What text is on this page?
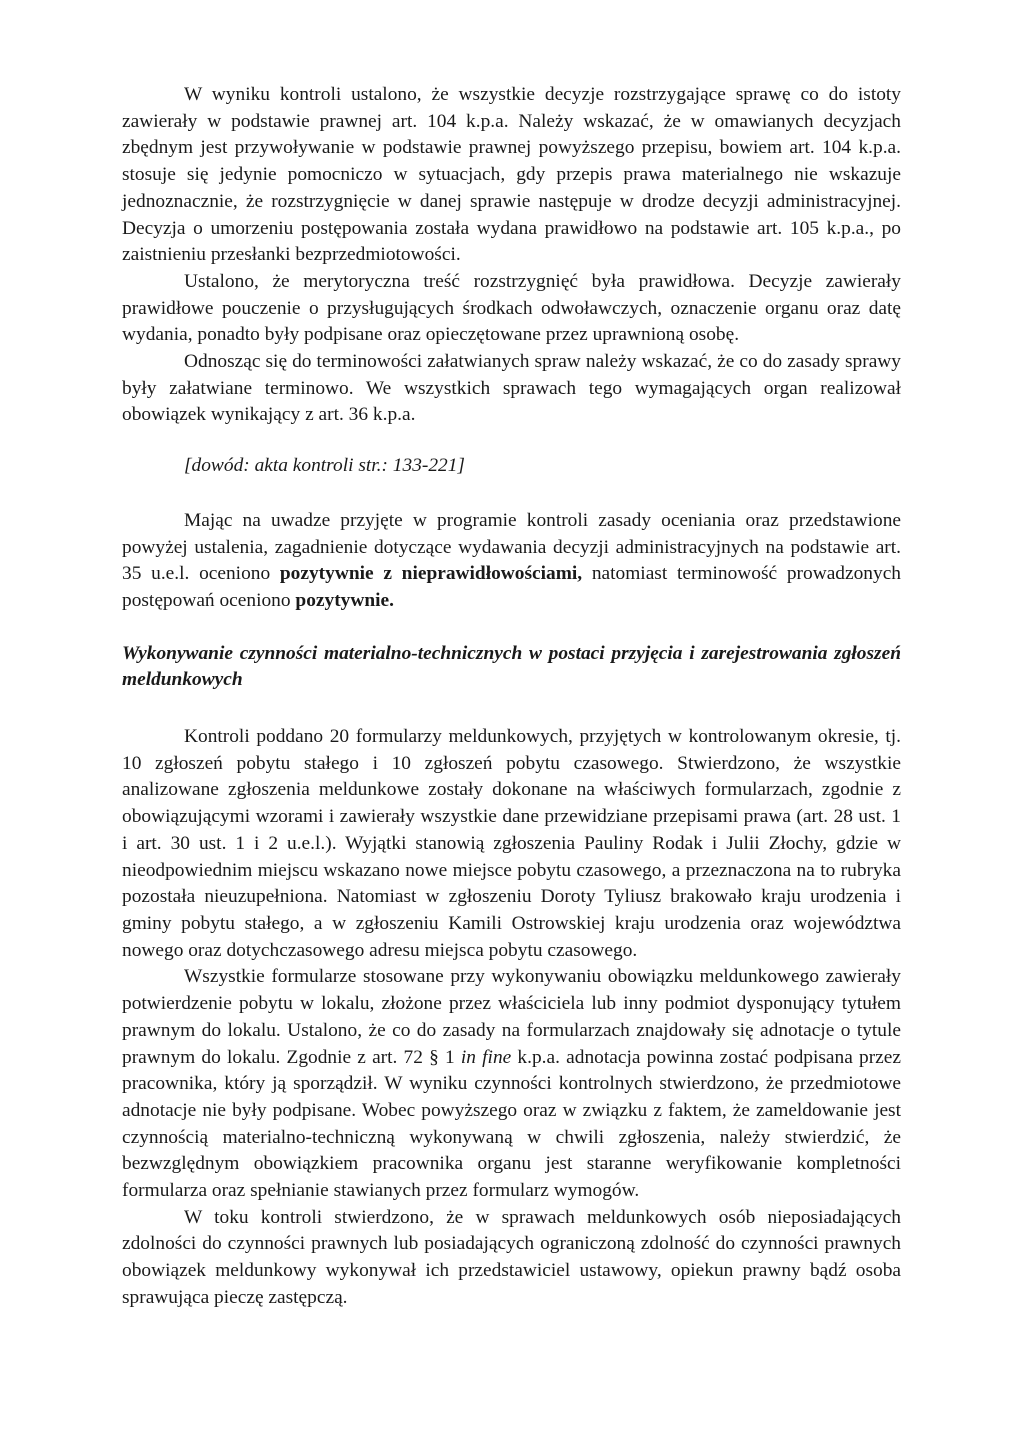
W wyniku kontroli ustalono, że wszystkie decyzje rozstrzygające sprawę co do istoty zawierały w podstawie prawnej art. 104 k.p.a. Należy wskazać, że w omawianych decyzjach zbędnym jest przywoływanie w podstawie prawnej powyższego przepisu, bowiem art. 104 k.p.a. stosuje się jedynie pomocniczo w sytuacjach, gdy przepis prawa materialnego nie wskazuje jednoznacznie, że rozstrzygnięcie w danej sprawie następuje w drodze decyzji administracyjnej. Decyzja o umorzeniu postępowania została wydana prawidłowo na podstawie art. 105 k.p.a., po zaistnieniu przesłanki bezprzedmiotowości.

Ustalono, że merytoryczna treść rozstrzygnięć była prawidłowa. Decyzje zawierały prawidłowe pouczenie o przysługujących środkach odwoławczych, oznaczenie organu oraz datę wydania, ponadto były podpisane oraz opieczętowane przez uprawnioną osobę.

Odnosząc się do terminowości załatwianych spraw należy wskazać, że co do zasady sprawy były załatwiane terminowo. We wszystkich sprawach tego wymagających organ realizował obowiązek wynikający z art. 36 k.p.a.

[dowód: akta kontroli str.: 133-221]

Mając na uwadze przyjęte w programie kontroli zasady oceniania oraz przedstawione powyżej ustalenia, zagadnienie dotyczące wydawania decyzji administracyjnych na podstawie art. 35 u.e.l. oceniono pozytywnie z nieprawidłowościami, natomiast terminowość prowadzonych postępowań oceniono pozytywnie.

Wykonywanie czynności materialno-technicznych w postaci przyjęcia i zarejestrowania zgłoszeń meldunkowych

Kontroli poddano 20 formularzy meldunkowych, przyjętych w kontrolowanym okresie, tj. 10 zgłoszeń pobytu stałego i 10 zgłoszeń pobytu czasowego. Stwierdzono, że wszystkie analizowane zgłoszenia meldunkowe zostały dokonane na właściwych formularzach, zgodnie z obowiązującymi wzorami i zawierały wszystkie dane przewidziane przepisami prawa (art. 28 ust. 1 i art. 30 ust. 1 i 2 u.e.l.). Wyjątki stanowią zgłoszenia Pauliny Rodak i Julii Złochy, gdzie w nieodpowiednim miejscu wskazano nowe miejsce pobytu czasowego, a przeznaczona na to rubryka pozostała nieuzupełniona. Natomiast w zgłoszeniu Doroty Tyliusz brakowało kraju urodzenia i gminy pobytu stałego, a w zgłoszeniu Kamili Ostrowskiej kraju urodzenia oraz województwa nowego oraz dotychczasowego adresu miejsca pobytu czasowego.

Wszystkie formularze stosowane przy wykonywaniu obowiązku meldunkowego zawierały potwierdzenie pobytu w lokalu, złożone przez właściciela lub inny podmiot dysponujący tytułem prawnym do lokalu. Ustalono, że co do zasady na formularzach znajdowały się adnotacje o tytule prawnym do lokalu. Zgodnie z art. 72 § 1 in fine k.p.a. adnotacja powinna zostać podpisana przez pracownika, który ją sporządził. W wyniku czynności kontrolnych stwierdzono, że przedmiotowe adnotacje nie były podpisane. Wobec powyższego oraz w związku z faktem, że zameldowanie jest czynnością materialno-techniczną wykonywaną w chwili zgłoszenia, należy stwierdzić, że bezwzględnym obowiązkiem pracownika organu jest staranne weryfikowanie kompletności formularza oraz spełnianie stawianych przez formularz wymogów.

W toku kontroli stwierdzono, że w sprawach meldunkowych osób nieposiadających zdolności do czynności prawnych lub posiadających ograniczoną zdolność do czynności prawnych obowiązek meldunkowy wykonywał ich przedstawiciel ustawowy, opiekun prawny bądź osoba sprawująca pieczę zastępczą.
